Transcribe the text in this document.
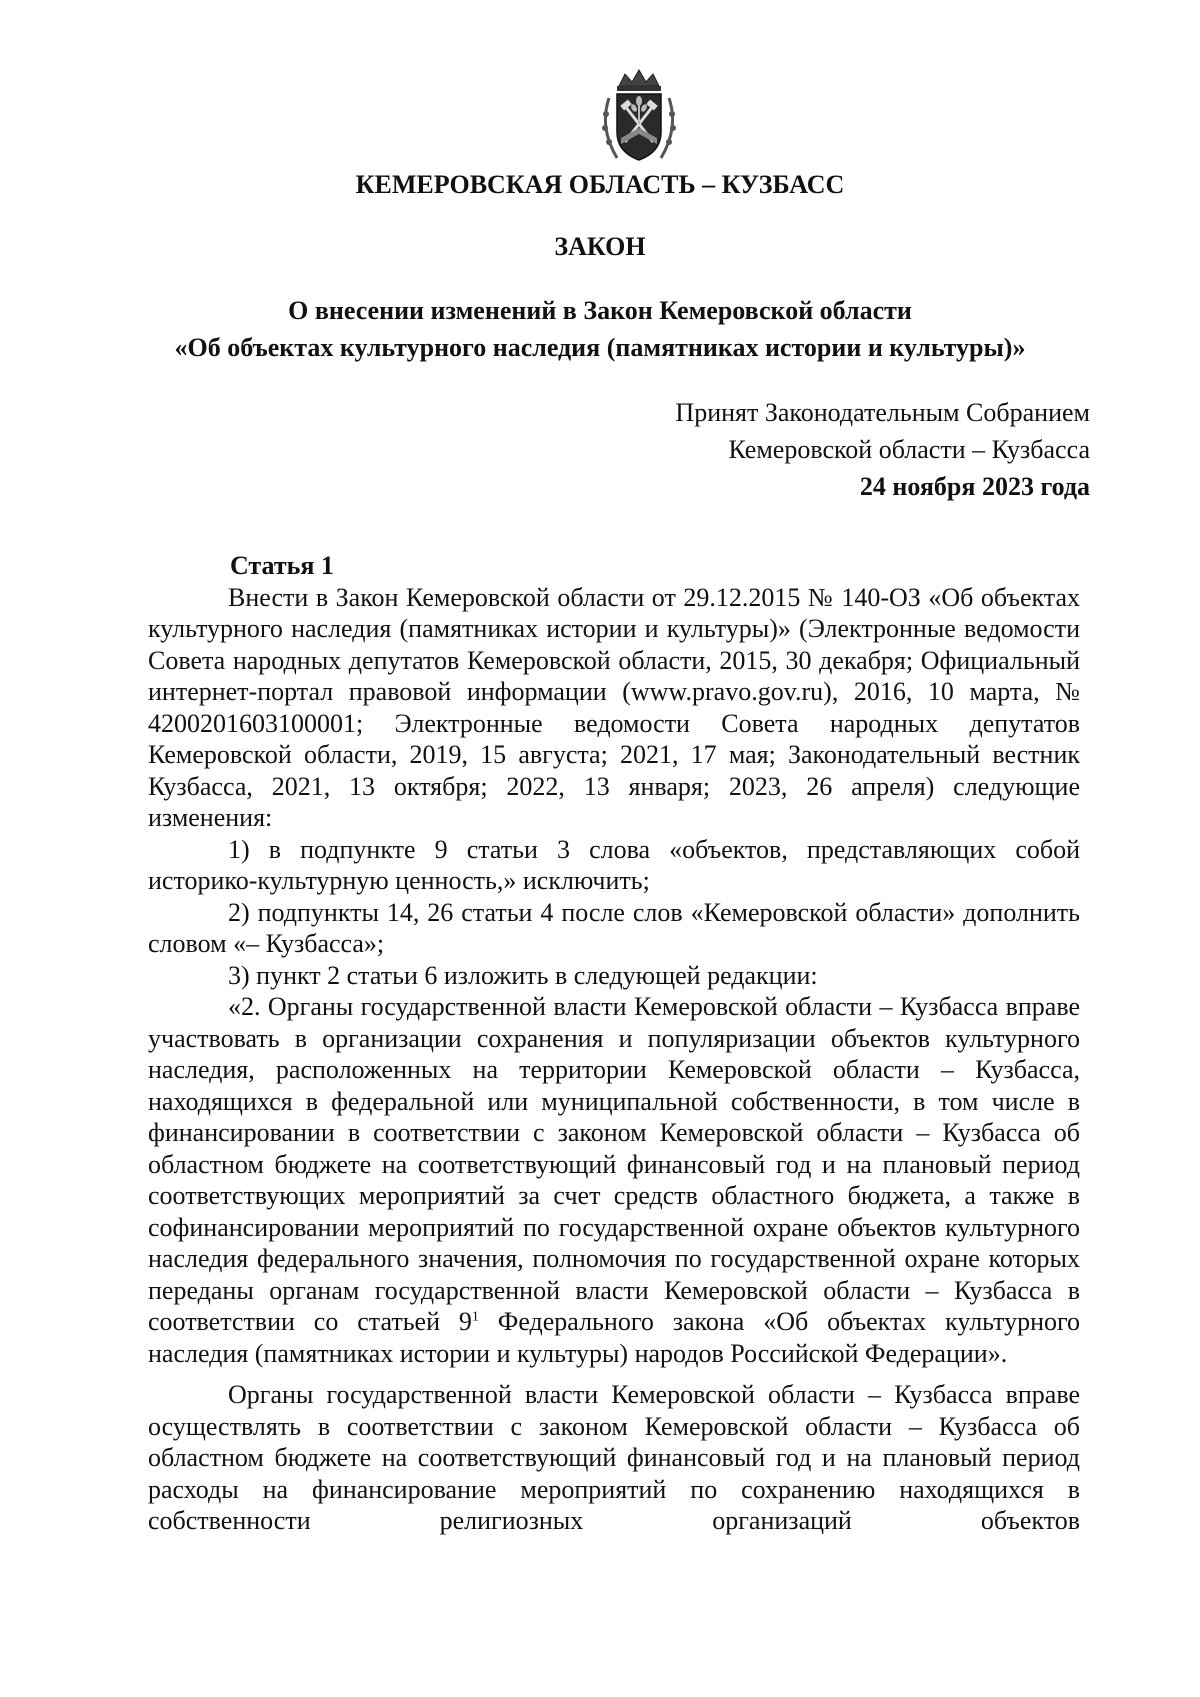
КЕМЕРОВСКАЯ ОБЛАСТЬ – КУЗБАСС
ЗАКОН
О внесении изменений в Закон Кемеровской области
«Об объектах культурного наследия (памятниках истории и культуры)»
Принят Законодательным Собранием
Кемеровской области – Кузбасса
24 ноября 2023 года
Статья 1

Внести в Закон Кемеровской области от 29.12.2015 № 140-ОЗ «Об объектах культурного наследия (памятниках истории и культуры)» (Электронные ведомости Совета народных депутатов Кемеровской области, 2015, 30 декабря; Официальный интернет-портал правовой информации (www.pravo.gov.ru), 2016, 10 марта, № 4200201603100001; Электронные ведомости Совета народных депутатов Кемеровской области, 2019, 15 августа; 2021, 17 мая; Законодательный вестник Кузбасса, 2021, 13 октября; 2022, 13 января; 2023, 26 апреля) следующие изменения:

1) в подпункте 9 статьи 3 слова «объектов, представляющих собой историко-культурную ценность,» исключить;

2) подпункты 14, 26 статьи 4 после слов «Кемеровской области» дополнить словом «– Кузбасса»;

3) пункт 2 статьи 6 изложить в следующей редакции:

«2. Органы государственной власти Кемеровской области – Кузбасса вправе участвовать в организации сохранения и популяризации объектов культурного наследия, расположенных на территории Кемеровской области – Кузбасса, находящихся в федеральной или муниципальной собственности, в том числе в финансировании в соответствии с законом Кемеровской области – Кузбасса об областном бюджете на соответствующий финансовый год и на плановый период соответствующих мероприятий за счет средств областного бюджета, а также в софинансировании мероприятий по государственной охране объектов культурного наследия федерального значения, полномочия по государственной охране которых переданы органам государственной власти Кемеровской области – Кузбасса в соответствии со статьей $9^1$ Федерального закона «Об объектах культурного наследия (памятниках истории и культуры) народов Российской Федерации».

Органы государственной власти Кемеровской области – Кузбасса вправе осуществлять в соответствии с законом Кемеровской области – Кузбасса об областном бюджете на соответствующий финансовый год и на плановый период расходы на финансирование мероприятий по сохранению находящихся в собственности религиозных организаций объектов
